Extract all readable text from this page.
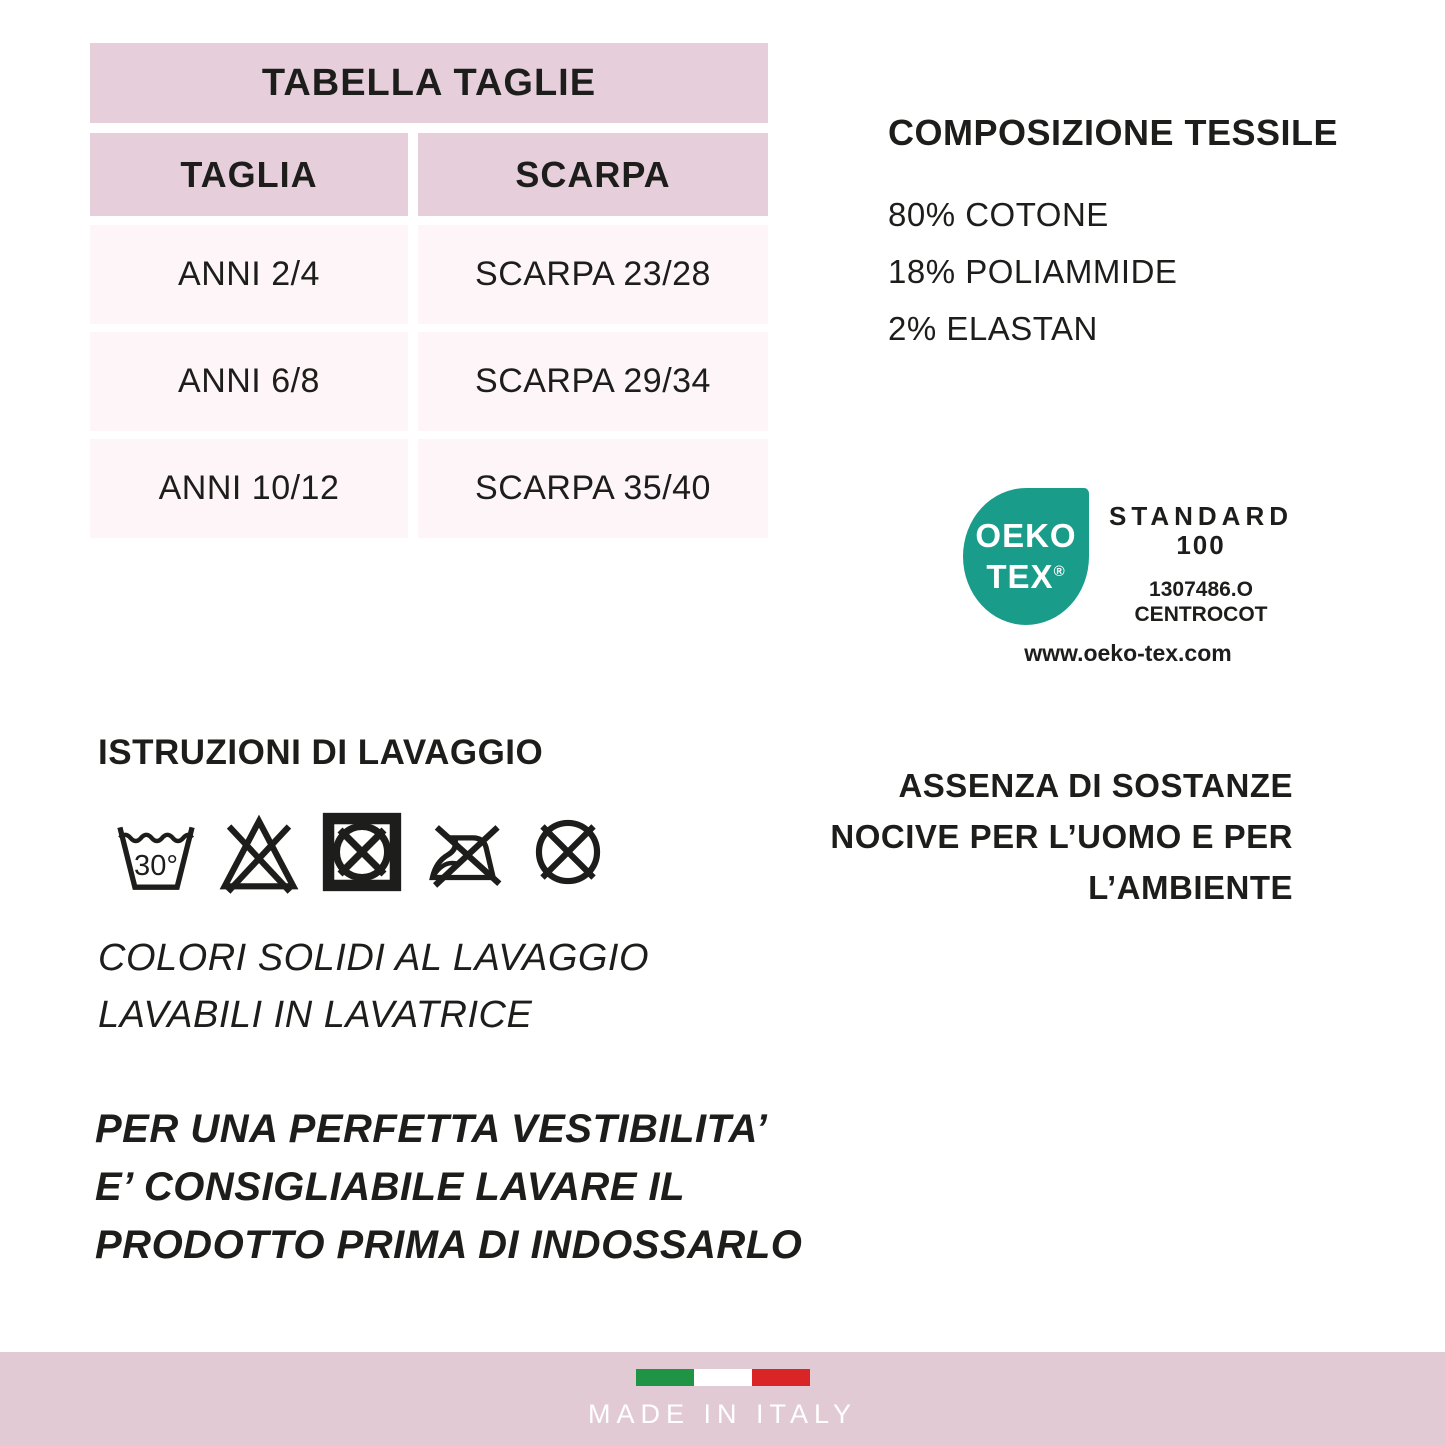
TABELLA TAGLIE
TAGLIA	SCARPA
ANNI 2/4	SCARPA 23/28
ANNI 6/8	SCARPA 29/34
ANNI 10/12	SCARPA 35/40
COMPOSIZIONE TESSILE
80% COTONE
18% POLIAMMIDE
2% ELASTAN
OEKO
TEX®
STANDARD
100
1307486.O
CENTROCOT
www.oeko-tex.com
ISTRUZIONI DI LAVAGGIO
30°
COLORI SOLIDI AL LAVAGGIO
LAVABILI IN LAVATRICE
PER UNA PERFETTA VESTIBILITA’
E’ CONSIGLIABILE LAVARE IL
PRODOTTO PRIMA DI INDOSSARLO
ASSENZA DI SOSTANZE
NOCIVE PER L’UOMO E PER
L’AMBIENTE
MADE IN ITALY
